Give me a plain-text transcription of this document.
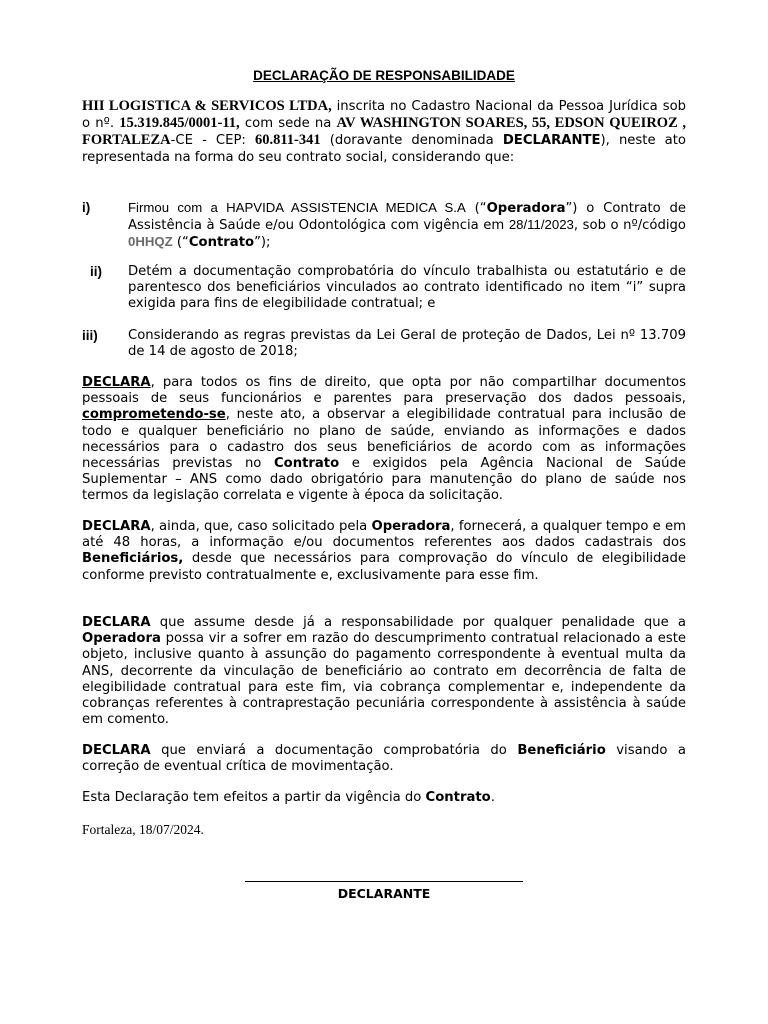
DECLARAÇÃO DE RESPONSABILIDADE
HII LOGISTICA & SERVICOS LTDA, inscrita no Cadastro Nacional da Pessoa Jurídica sob o nº. 15.319.845/0001-11, com sede na AV WASHINGTON SOARES, 55, EDSON QUEIROZ , FORTALEZA-CE - CEP: 60.811-341 (doravante denominada DECLARANTE), neste ato representada na forma do seu contrato social, considerando que:
i)	Firmou com a HAPVIDA ASSISTENCIA MEDICA S.A (“Operadora”) o Contrato de Assistência à Saúde e/ou Odontológica com vigência em 28/11/2023, sob o nº/código 0HHQZ (“Contrato”);
ii) Detém a documentação comprobatória do vínculo trabalhista ou estatutário e de parentesco dos beneficiários vinculados ao contrato identificado no item “i” supra exigida para fins de elegibilidade contratual; e
iii) Considerando as regras previstas da Lei Geral de proteção de Dados, Lei nº 13.709 de 14 de agosto de 2018;
DECLARA, para todos os fins de direito, que opta por não compartilhar documentos pessoais de seus funcionários e parentes para preservação dos dados pessoais, comprometendo-se, neste ato, a observar a elegibilidade contratual para inclusão de todo e qualquer beneficiário no plano de saúde, enviando as informações e dados necessários para o cadastro dos seus beneficiários de acordo com as informações necessárias previstas no Contrato e exigidos pela Agência Nacional de Saúde Suplementar – ANS como dado obrigatório para manutenção do plano de saúde nos termos da legislação correlata e vigente à época da solicitação.
DECLARA, ainda, que, caso solicitado pela Operadora, fornecerá, a qualquer tempo e em até 48 horas, a informação e/ou documentos referentes aos dados cadastrais dos Beneficiários, desde que necessários para comprovação do vínculo de elegibilidade conforme previsto contratualmente e, exclusivamente para esse fim.
DECLARA que assume desde já a responsabilidade por qualquer penalidade que a Operadora possa vir a sofrer em razão do descumprimento contratual relacionado a este objeto, inclusive quanto à assunção do pagamento correspondente à eventual multa da ANS, decorrente da vinculação de beneficiário ao contrato em decorrência de falta de elegibilidade contratual para este fim, via cobrança complementar e, independente da cobranças referentes à contraprestação pecuniária correspondente à assistência à saúde em comento.
DECLARA que enviará a documentação comprobatória do Beneficiário visando a correção de eventual crítica de movimentação.
Esta Declaração tem efeitos a partir da vigência do Contrato.
Fortaleza, 18/07/2024.
DECLARANTE
